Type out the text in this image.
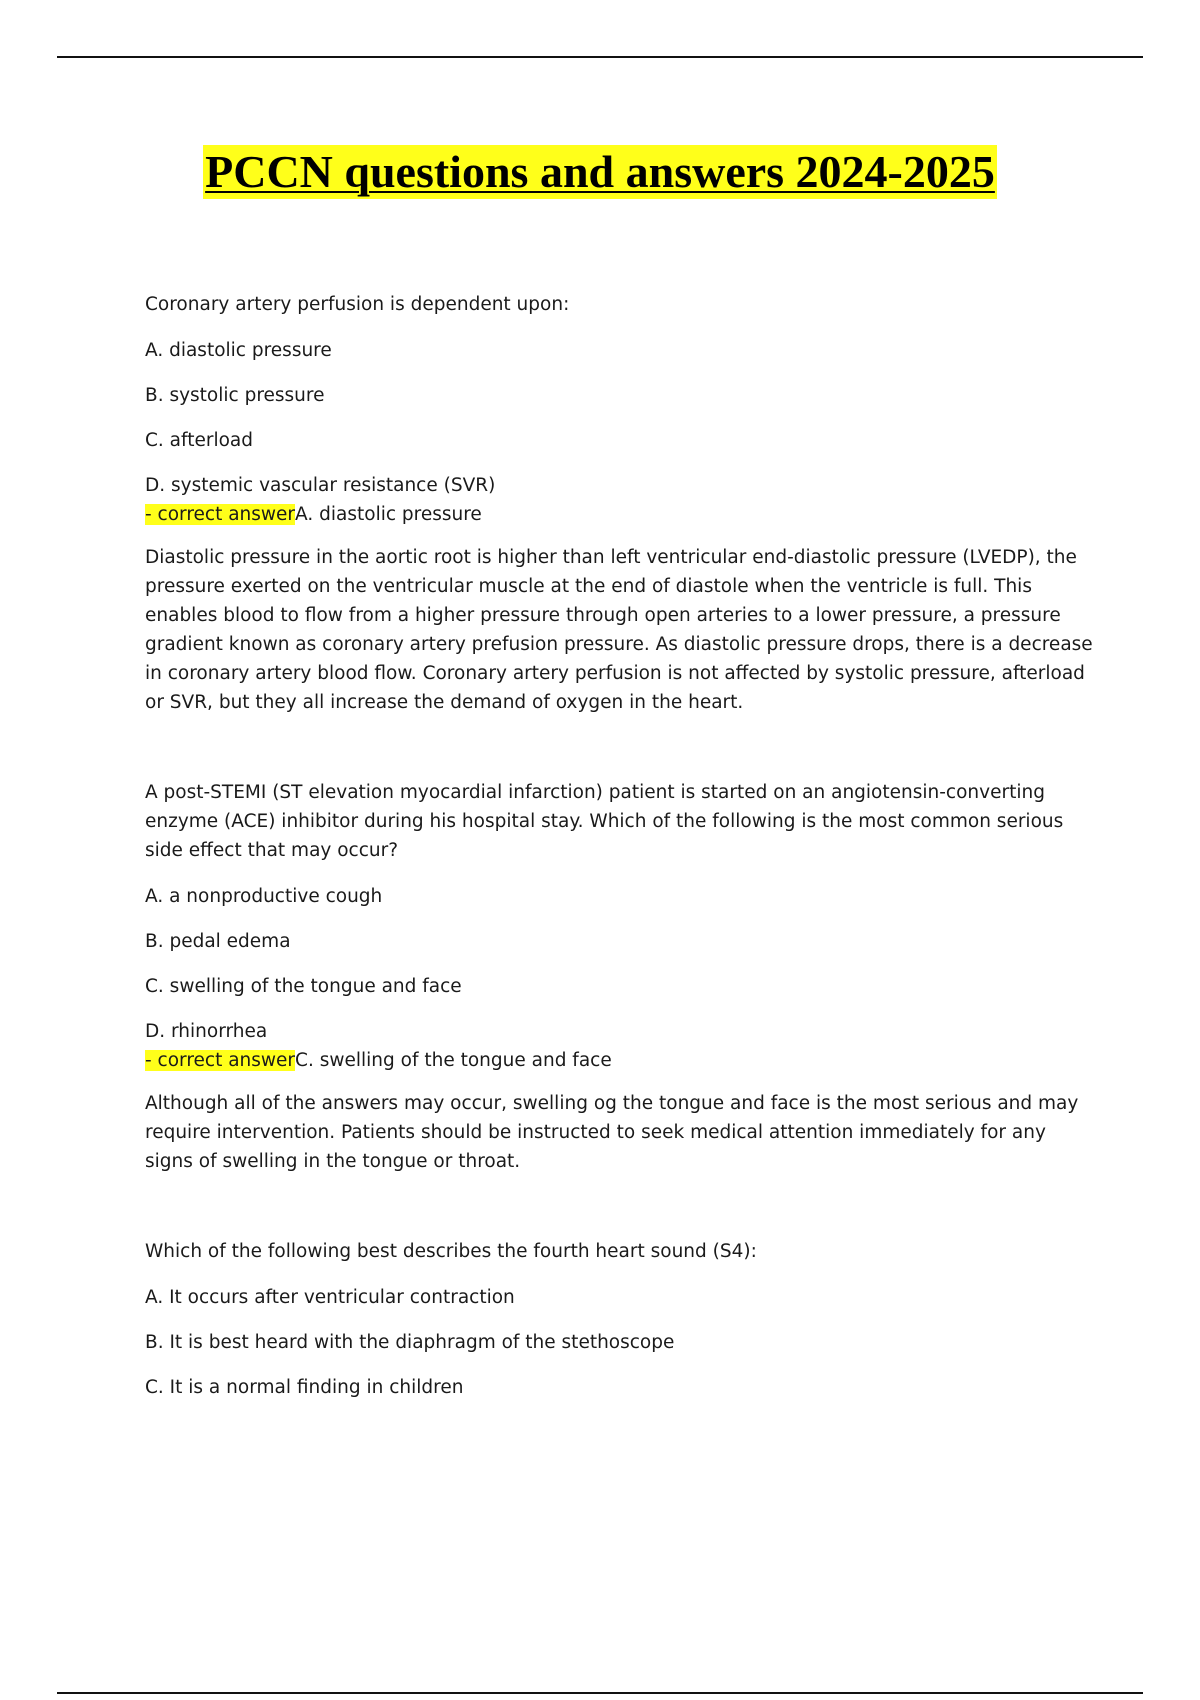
PCCN questions and answers 2024-2025

Coronary artery perfusion is dependent upon:

A. diastolic pressure

B. systolic pressure

C. afterload

D. systemic vascular resistance (SVR)

- correct answerA. diastolic pressure

Diastolic pressure in the aortic root is higher than left ventricular end-diastolic pressure (LVEDP), the pressure exerted on the ventricular muscle at the end of diastole when the ventricle is full. This enables blood to flow from a higher pressure through open arteries to a lower pressure, a pressure gradient known as coronary artery prefusion pressure. As diastolic pressure drops, there is a decrease in coronary artery blood flow. Coronary artery perfusion is not affected by systolic pressure, afterload or SVR, but they all increase the demand of oxygen in the heart.

A post-STEMI (ST elevation myocardial infarction) patient is started on an angiotensin-converting enzyme (ACE) inhibitor during his hospital stay. Which of the following is the most common serious side effect that may occur?

A. a nonproductive cough

B. pedal edema

C. swelling of the tongue and face

D. rhinorrhea

- correct answerC. swelling of the tongue and face

Although all of the answers may occur, swelling og the tongue and face is the most serious and may require intervention. Patients should be instructed to seek medical attention immediately for any signs of swelling in the tongue or throat.

Which of the following best describes the fourth heart sound (S4):

A. It occurs after ventricular contraction

B. It is best heard with the diaphragm of the stethoscope

C. It is a normal finding in children
